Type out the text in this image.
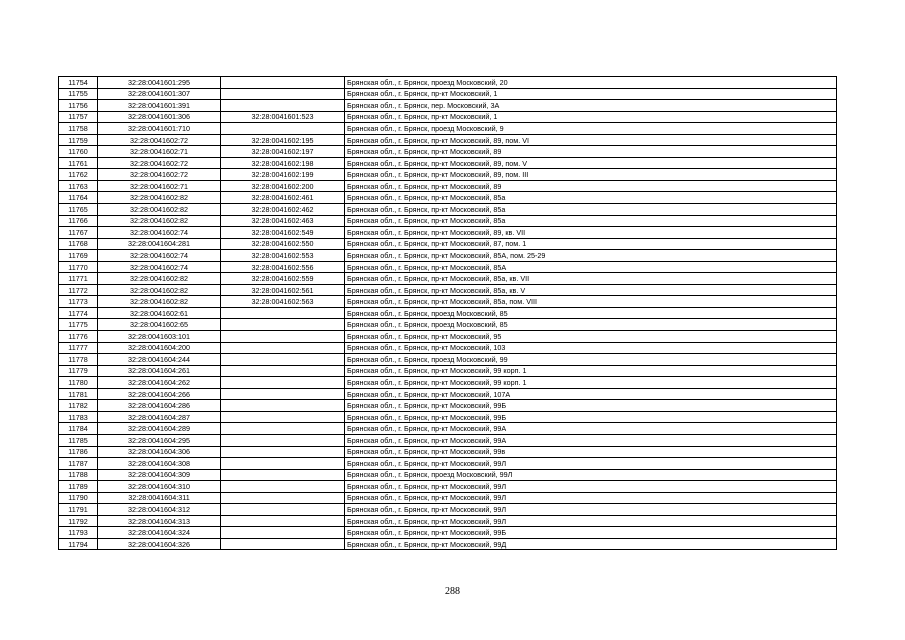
11754	32:28:0041601:295		Брянская обл., г. Брянск, проезд Московский, 20
11755	32:28:0041601:307		Брянская обл., г. Брянск, пр-кт Московский, 1
11756	32:28:0041601:391		Брянская обл., г. Брянск, пер. Московский, 3А
11757	32:28:0041601:306	32:28:0041601:523	Брянская обл., г. Брянск, пр-кт Московский, 1
11758	32:28:0041601:710		Брянская обл., г. Брянск, проезд Московский, 9
11759	32:28:0041602:72	32:28:0041602:195	Брянская обл., г. Брянск, пр-кт Московский, 89, пом. VI
11760	32:28:0041602:71	32:28:0041602:197	Брянская обл., г. Брянск, пр-кт Московский, 89
11761	32:28:0041602:72	32:28:0041602:198	Брянская обл., г. Брянск, пр-кт Московский, 89, пом. V
11762	32:28:0041602:72	32:28:0041602:199	Брянская обл., г. Брянск, пр-кт Московский, 89, пом. III
11763	32:28:0041602:71	32:28:0041602:200	Брянская обл., г. Брянск, пр-кт Московский, 89
11764	32:28:0041602:82	32:28:0041602:461	Брянская обл., г. Брянск, пр-кт Московский, 85а
11765	32:28:0041602:82	32:28:0041602:462	Брянская обл., г. Брянск, пр-кт Московский, 85а
11766	32:28:0041602:82	32:28:0041602:463	Брянская обл., г. Брянск, пр-кт Московский, 85а
11767	32:28:0041602:74	32:28:0041602:549	Брянская обл., г. Брянск, пр-кт Московский, 89, кв. VII
11768	32:28:0041604:281	32:28:0041602:550	Брянская обл., г. Брянск, пр-кт Московский, 87, пом. 1
11769	32:28:0041602:74	32:28:0041602:553	Брянская обл., г. Брянск, пр-кт Московский, 85А, пом. 25-29
11770	32:28:0041602:74	32:28:0041602:556	Брянская обл., г. Брянск, пр-кт Московский, 85А
11771	32:28:0041602:82	32:28:0041602:559	Брянская обл., г. Брянск, пр-кт Московский, 85а, кв. VII
11772	32:28:0041602:82	32:28:0041602:561	Брянская обл., г. Брянск, пр-кт Московский, 85а, кв. V
11773	32:28:0041602:82	32:28:0041602:563	Брянская обл., г. Брянск, пр-кт Московский, 85а, пом. VIII
11774	32:28:0041602:61		Брянская обл., г. Брянск, проезд Московский, 85
11775	32:28:0041602:65		Брянская обл., г. Брянск, проезд Московский, 85
11776	32:28:0041603:101		Брянская обл., г. Брянск, пр-кт Московский, 95
11777	32:28:0041604:200		Брянская обл., г. Брянск, пр-кт Московский, 103
11778	32:28:0041604:244		Брянская обл., г. Брянск, проезд Московский, 99
11779	32:28:0041604:261		Брянская обл., г. Брянск, пр-кт Московский, 99 корп. 1
11780	32:28:0041604:262		Брянская обл., г. Брянск, пр-кт Московский, 99 корп. 1
11781	32:28:0041604:266		Брянская обл., г. Брянск, пр-кт Московский, 107А
11782	32:28:0041604:286		Брянская обл., г. Брянск, пр-кт Московский, 99Б
11783	32:28:0041604:287		Брянская обл., г. Брянск, пр-кт Московский, 99Б
11784	32:28:0041604:289		Брянская обл., г. Брянск, пр-кт Московский, 99А
11785	32:28:0041604:295		Брянская обл., г. Брянск, пр-кт Московский, 99А
11786	32:28:0041604:306		Брянская обл., г. Брянск, пр-кт Московский, 99в
11787	32:28:0041604:308		Брянская обл., г. Брянск, пр-кт Московский, 99Л
11788	32:28:0041604:309		Брянская обл., г. Брянск, проезд Московский, 99Л
11789	32:28:0041604:310		Брянская обл., г. Брянск, пр-кт Московский, 99Л
11790	32:28:0041604:311		Брянская обл., г. Брянск, пр-кт Московский, 99Л
11791	32:28:0041604:312		Брянская обл., г. Брянск, пр-кт Московский, 99Л
11792	32:28:0041604:313		Брянская обл., г. Брянск, пр-кт Московский, 99Л
11793	32:28:0041604:324		Брянская обл., г. Брянск, пр-кт Московский, 99Б
11794	32:28:0041604:326		Брянская обл., г. Брянск, пр-кт Московский, 99Д
288
